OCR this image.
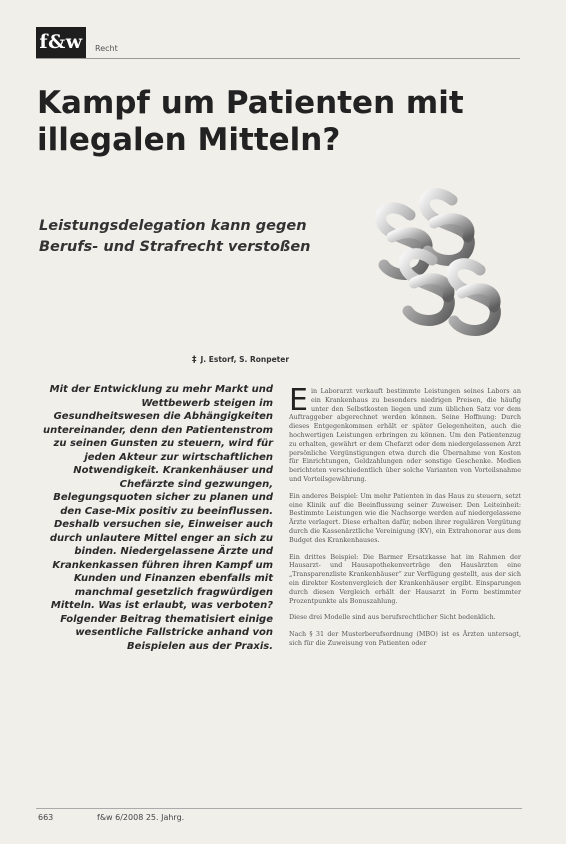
f&w	Recht
Kampf um Patienten mit illegalen Mitteln?
Leistungsdelegation kann gegen Berufs- und Strafrecht verstoßen
‡ J. Estorf, S. Ronpeter
Mit der Entwicklung zu mehr Markt und Wettbewerb steigen im Gesundheitswesen die Abhängigkeiten untereinander, denn den Patientenstrom zu seinen Gunsten zu steuern, wird für jeden Akteur zur wirtschaftlichen Notwendigkeit. Krankenhäuser und Chefärzte sind gezwungen, Belegungsquoten sicher zu planen und den Case-Mix positiv zu beeinflussen. Deshalb versuchen sie, Einweiser auch durch unlautere Mittel enger an sich zu binden. Niedergelassene Ärzte und Krankenkassen führen ihren Kampf um Kunden und Finanzen ebenfalls mit manchmal gesetzlich fragwürdigen Mitteln. Was ist erlaubt, was verboten? Folgender Beitrag thematisiert einige wesentliche Fallstricke anhand von Beispielen aus der Praxis.

Ein Laborarzt verkauft bestimmte Leistungen seines Labors an ein Krankenhaus zu besonders niedrigen Preisen, die häufig unter den Selbstkosten liegen und zum üblichen Satz vor dem Auftraggeber abgerechnet werden können. Seine Hoffnung: Durch dieses Entgegenkommen erhält er später Gelegenheiten, auch die hochwertigen Leistungen erbringen zu können. Um den Patientenzug zu erhalten, gewährt er dem Chefarzt oder dem niedergelassenen Arzt persönliche Vergünstigungen etwa durch die Übernahme von Kosten für Einrichtungen, Geldzahlungen oder sonstige Geschenke. Medien berichteten verschiedentlich über solche Varianten von Vorteilsnahme und Vorteilsgewährung.

Ein anderes Beispiel: Um mehr Patienten in das Haus zu steuern, setzt eine Klinik auf die Beeinflussung seiner Zuweiser. Den Leiteinheit: Bestimmte Leistungen wie die Nachsorge werden auf niedergelassene Ärzte verlagert. Diese erhalten dafür, neben ihrer regulären Vergütung durch die Kassenärztliche Vereinigung (KV), ein Extrahonorar aus dem Budget des Krankenhauses.

Ein drittes Beispiel: Die Barmer Ersatzkasse hat im Rahmen der Hausarzt- und Hausapothekenverträge den Hausärzten eine „Transparenzliste Krankenhäuser“ zur Verfügung gestellt, aus der sich ein direkter Kostenvergleich der Krankenhäuser ergibt. Einsparungen durch diesen Vergleich erhält der Hausarzt in Form bestimmter Prozentpunkte als Bonuszahlung.

Diese drei Modelle sind aus berufsrechtlicher Sicht bedenklich.

Nach § 31 der Musterberufsordnung (MBO) ist es Ärzten untersagt, sich für die Zuweisung von Patienten oder

663	f&w 6/2008 25. Jahrg.
